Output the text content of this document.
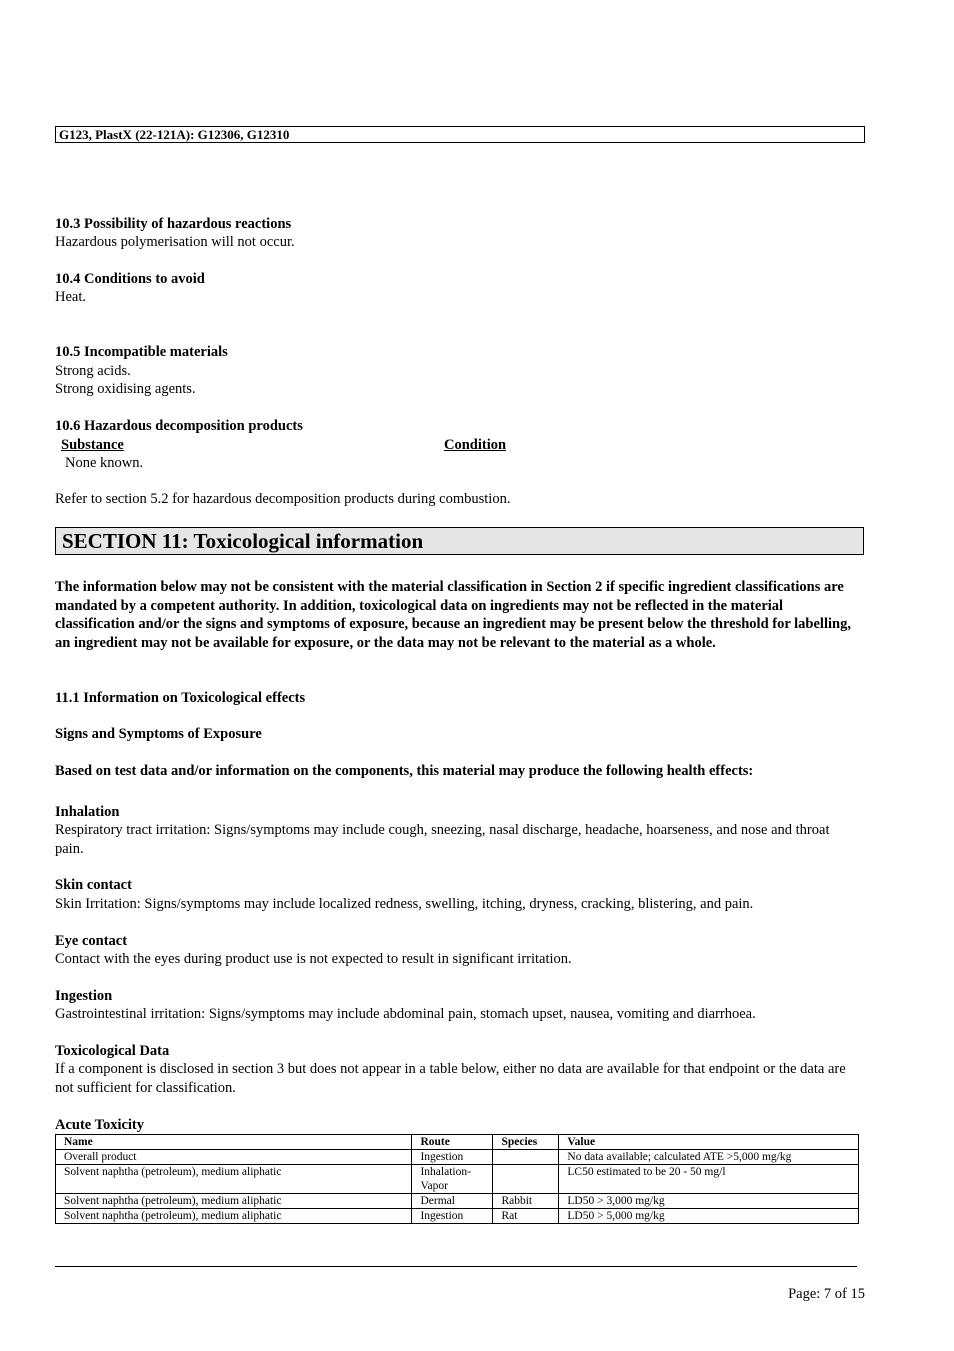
G123, PlastX (22-121A): G12306, G12310
10.3 Possibility of hazardous reactions
Hazardous polymerisation will not occur.
10.4 Conditions to avoid
Heat.
10.5 Incompatible materials
Strong acids.
Strong oxidising agents.
10.6 Hazardous decomposition products
Substance	Condition
None known.
Refer to section 5.2 for hazardous decomposition products during combustion.
SECTION 11: Toxicological information
The information below may not be consistent with the material classification in Section 2 if specific ingredient classifications are mandated by a competent authority. In addition, toxicological data on ingredients may not be reflected in the material classification and/or the signs and symptoms of exposure, because an ingredient may be present below the threshold for labelling, an ingredient may not be available for exposure, or the data may not be relevant to the material as a whole.
11.1 Information on Toxicological effects
Signs and Symptoms of Exposure
Based on test data and/or information on the components, this material may produce the following health effects:
Inhalation
Respiratory tract irritation: Signs/symptoms may include cough, sneezing, nasal discharge, headache, hoarseness, and nose and throat pain.
Skin contact
Skin Irritation: Signs/symptoms may include localized redness, swelling, itching, dryness, cracking, blistering, and pain.
Eye contact
Contact with the eyes during product use is not expected to result in significant irritation.
Ingestion
Gastrointestinal irritation: Signs/symptoms may include abdominal pain, stomach upset, nausea, vomiting and diarrhoea.
Toxicological Data
If a component is disclosed in section 3 but does not appear in a table below, either no data are available for that endpoint or the data are not sufficient for classification.
Acute Toxicity
Name	Route	Species	Value
Overall product	Ingestion		No data available; calculated ATE >5,000 mg/kg
Solvent naphtha (petroleum), medium aliphatic	Inhalation-Vapor		LC50 estimated to be 20 - 50 mg/l
Solvent naphtha (petroleum), medium aliphatic	Dermal	Rabbit	LD50 > 3,000 mg/kg
Solvent naphtha (petroleum), medium aliphatic	Ingestion	Rat	LD50 > 5,000 mg/kg
Page: 7 of 15
